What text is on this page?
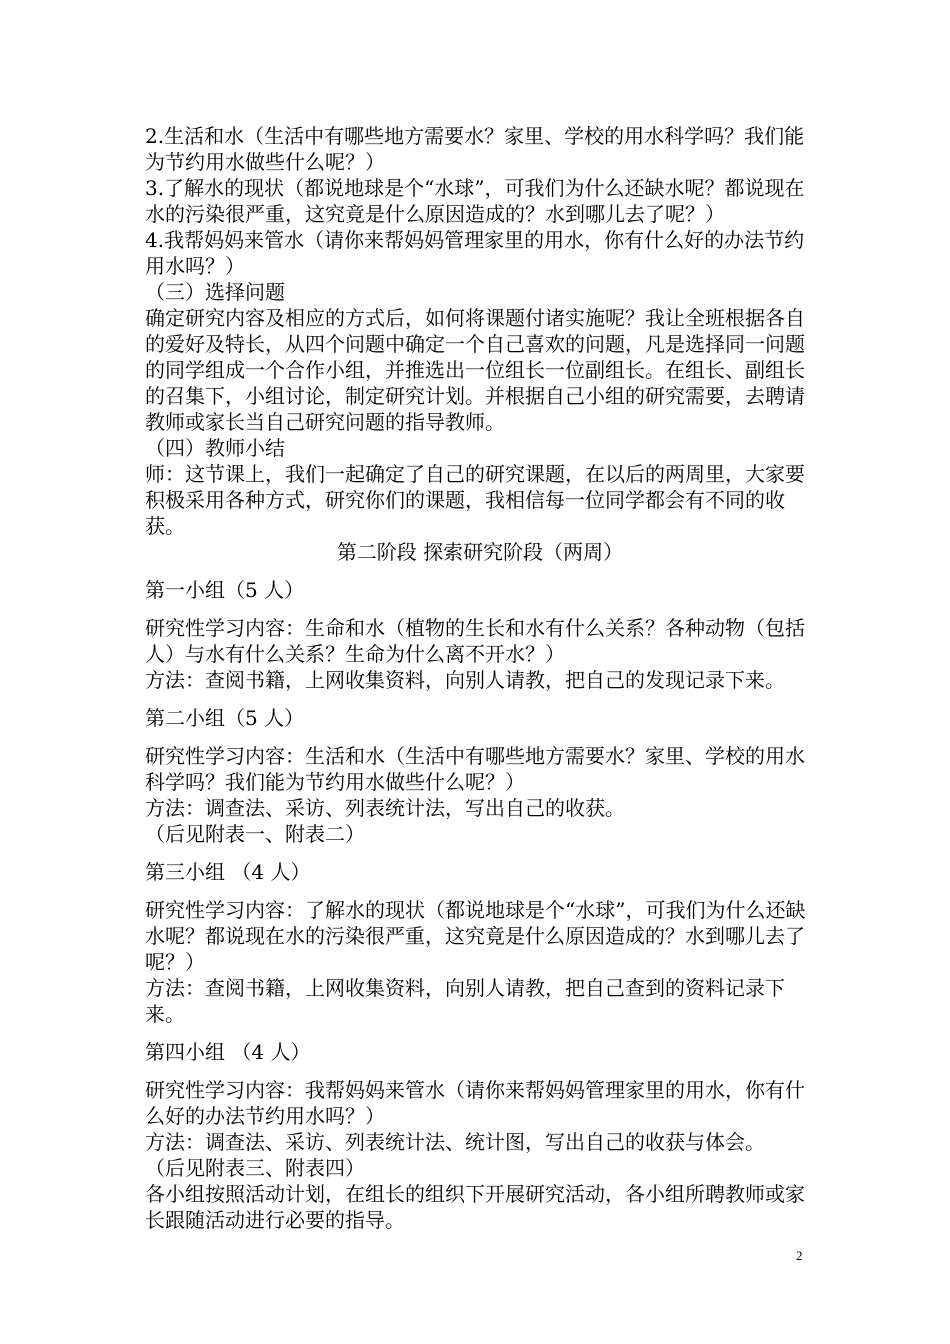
2.生活和水（生活中有哪些地方需要水？家里、学校的用水科学吗？我们能为节约用水做些什么呢？）

3.了解水的现状（都说地球是个“水球”，可我们为什么还缺水呢？都说现在水的污染很严重，这究竟是什么原因造成的？水到哪儿去了呢？）

4.我帮妈妈来管水（请你来帮妈妈管理家里的用水，你有什么好的办法节约用水吗？）

（三）选择问题

确定研究内容及相应的方式后，如何将课题付诸实施呢？我让全班根据各自的爱好及特长，从四个问题中确定一个自己喜欢的问题，凡是选择同一问题的同学组成一个合作小组，并推选出一位组长一位副组长。在组长、副组长的召集下，小组讨论，制定研究计划。并根据自己小组的研究需要，去聘请教师或家长当自己研究问题的指导教师。

（四）教师小结

师：这节课上，我们一起确定了自己的研究课题，在以后的两周里，大家要积极采用各种方式，研究你们的课题，我相信每一位同学都会有不同的收获。

第二阶段 探索研究阶段（两周）

第一小组（5 人）

研究性学习内容：生命和水（植物的生长和水有什么关系？各种动物（包括人）与水有什么关系？生命为什么离不开水？）

方法：查阅书籍，上网收集资料，向别人请教，把自己的发现记录下来。

第二小组（5 人）

研究性学习内容：生活和水（生活中有哪些地方需要水？家里、学校的用水科学吗？我们能为节约用水做些什么呢？）

方法：调查法、采访、列表统计法，写出自己的收获。

（后见附表一、附表二）

第三小组 （4 人）

研究性学习内容：了解水的现状（都说地球是个“水球”，可我们为什么还缺水呢？都说现在水的污染很严重，这究竟是什么原因造成的？水到哪儿去了呢？）

方法：查阅书籍，上网收集资料，向别人请教，把自己查到的资料记录下来。

第四小组 （4 人）

研究性学习内容：我帮妈妈来管水（请你来帮妈妈管理家里的用水，你有什么好的办法节约用水吗？）

方法：调查法、采访、列表统计法、统计图，写出自己的收获与体会。

（后见附表三、附表四）

各小组按照活动计划，在组长的组织下开展研究活动，各小组所聘教师或家长跟随活动进行必要的指导。

2
